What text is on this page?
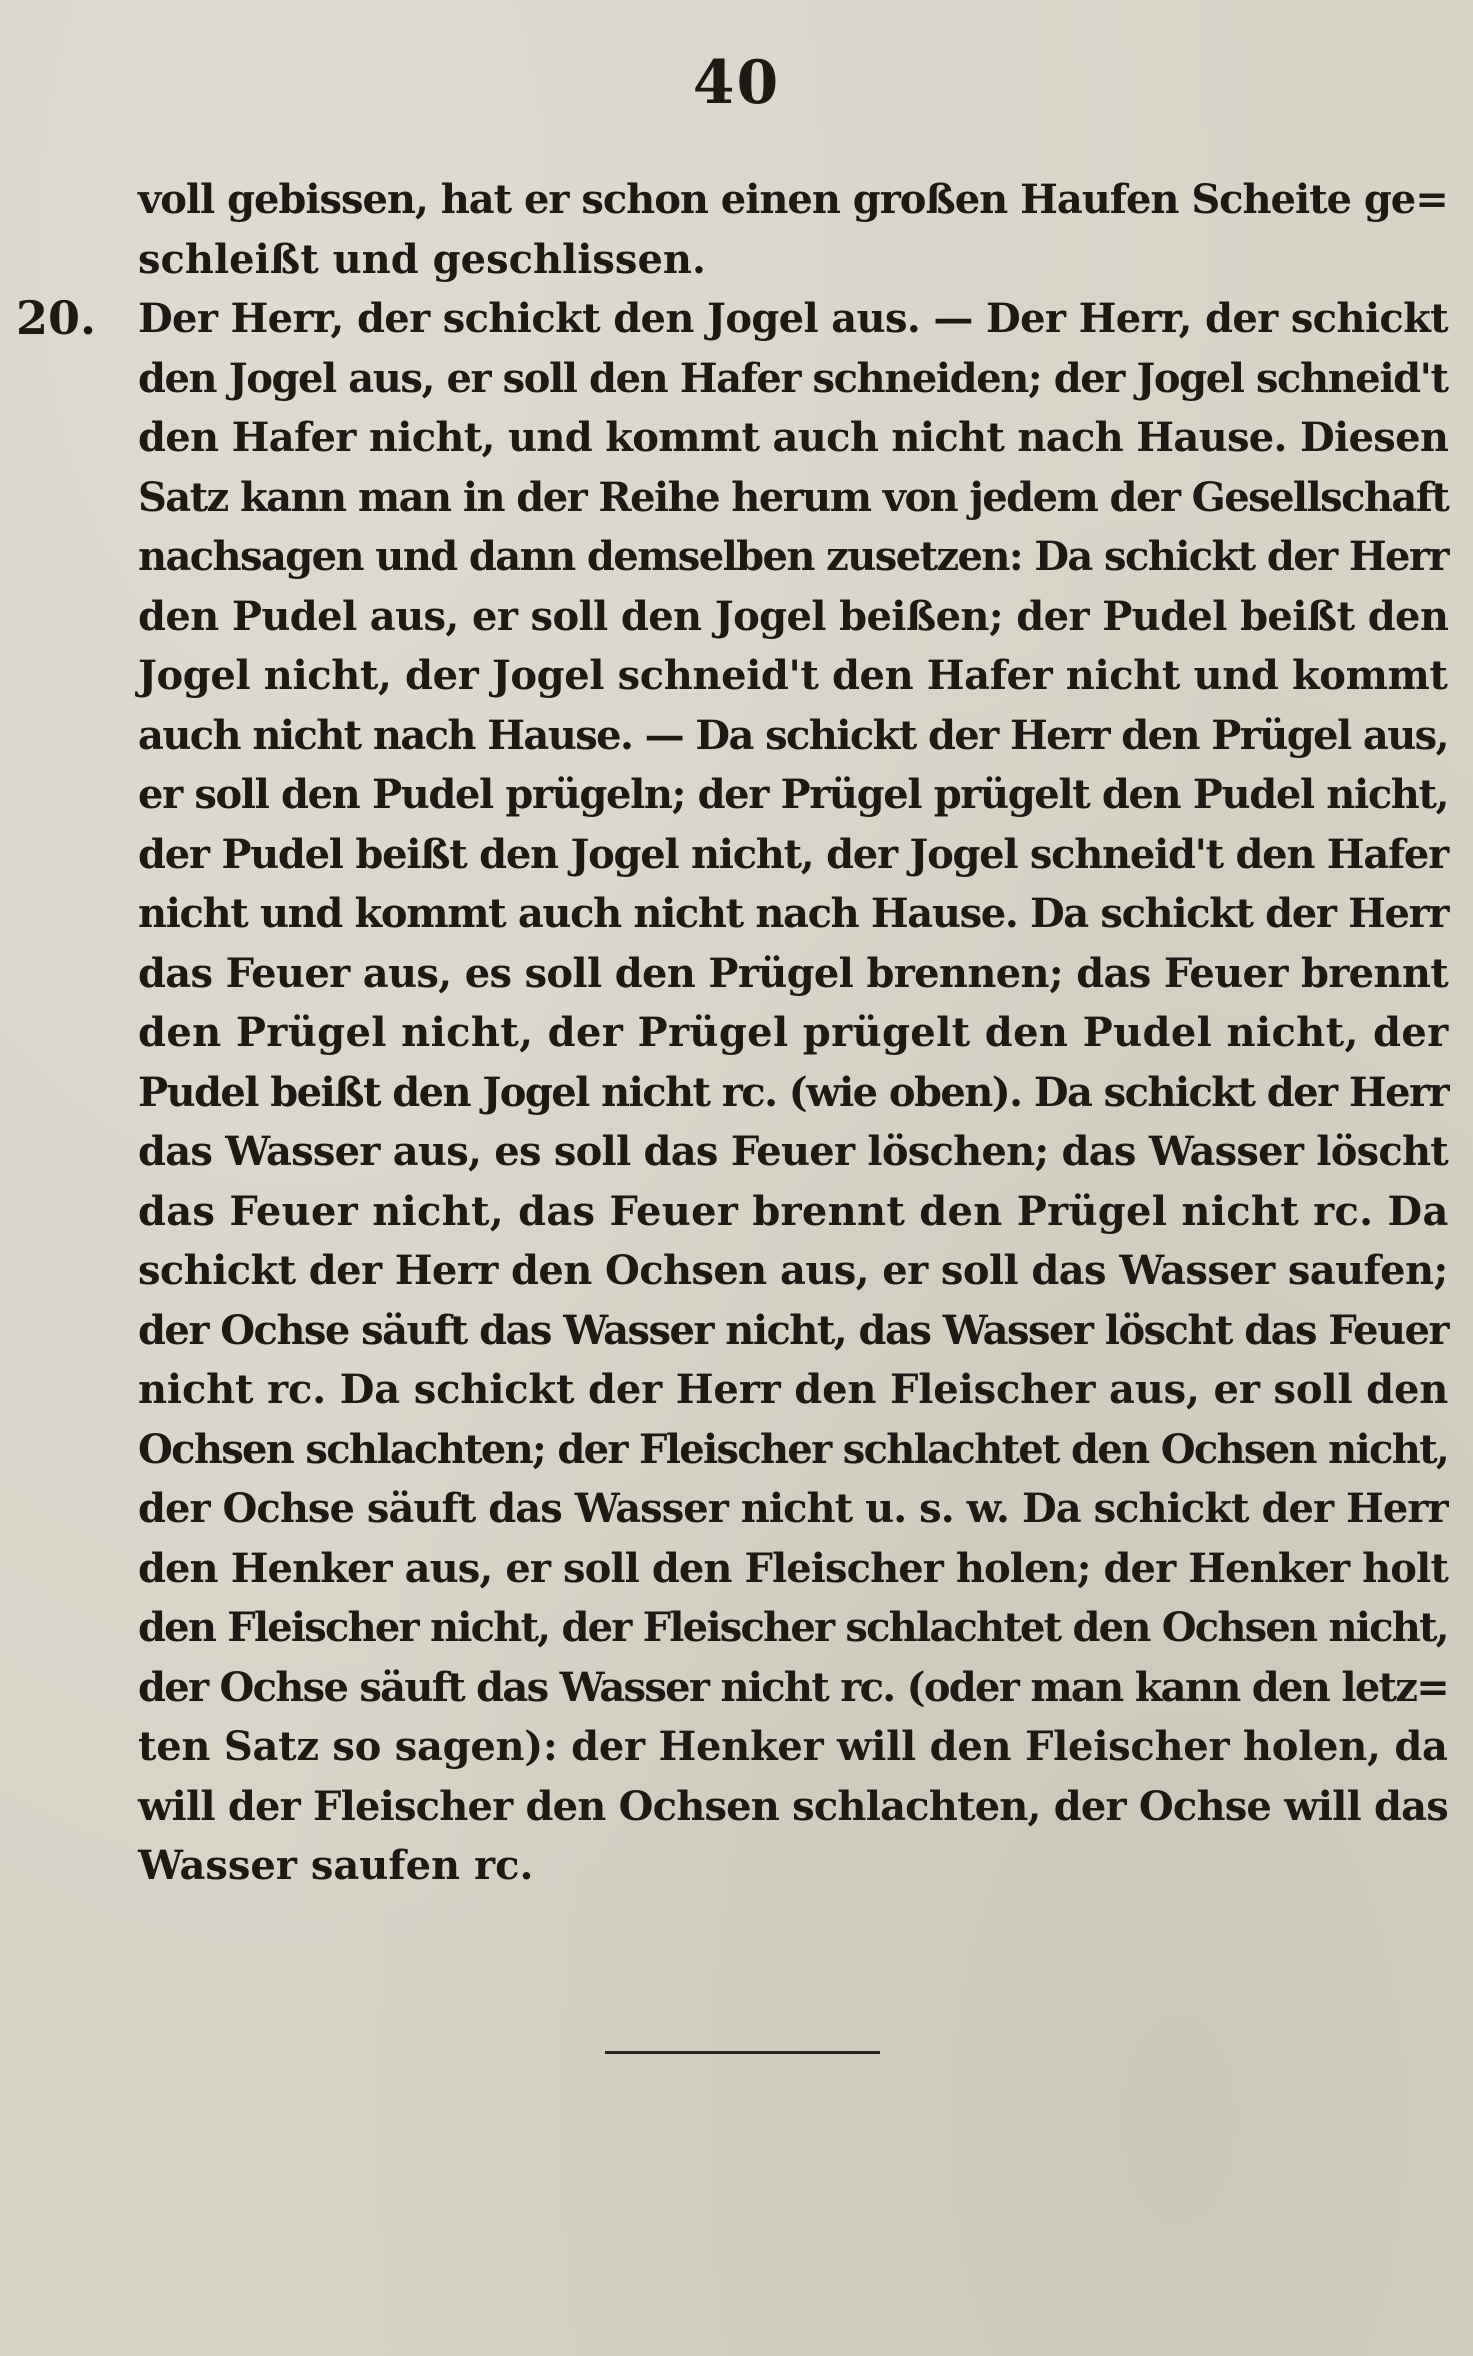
40
20.
voll gebissen, hat er schon einen großen Haufen Scheite ge=
schleißt und geschlissen.
Der Herr, der schickt den Jogel aus. — Der Herr, der schickt
den Jogel aus, er soll den Hafer schneiden; der Jogel schneid't
den Hafer nicht, und kommt auch nicht nach Hause. Diesen
Satz kann man in der Reihe herum von jedem der Gesellschaft
nachsagen und dann demselben zusetzen: Da schickt der Herr
den Pudel aus, er soll den Jogel beißen; der Pudel beißt den
Jogel nicht, der Jogel schneid't den Hafer nicht und kommt
auch nicht nach Hause. — Da schickt der Herr den Prügel aus,
er soll den Pudel prügeln; der Prügel prügelt den Pudel nicht,
der Pudel beißt den Jogel nicht, der Jogel schneid't den Hafer
nicht und kommt auch nicht nach Hause. Da schickt der Herr
das Feuer aus, es soll den Prügel brennen; das Feuer brennt
den Prügel nicht, der Prügel prügelt den Pudel nicht, der
Pudel beißt den Jogel nicht rc. (wie oben). Da schickt der Herr
das Wasser aus, es soll das Feuer löschen; das Wasser löscht
das Feuer nicht, das Feuer brennt den Prügel nicht rc. Da
schickt der Herr den Ochsen aus, er soll das Wasser saufen;
der Ochse säuft das Wasser nicht, das Wasser löscht das Feuer
nicht rc. Da schickt der Herr den Fleischer aus, er soll den
Ochsen schlachten; der Fleischer schlachtet den Ochsen nicht,
der Ochse säuft das Wasser nicht u. s. w. Da schickt der Herr
den Henker aus, er soll den Fleischer holen; der Henker holt
den Fleischer nicht, der Fleischer schlachtet den Ochsen nicht,
der Ochse säuft das Wasser nicht rc. (oder man kann den letz=
ten Satz so sagen): der Henker will den Fleischer holen, da
will der Fleischer den Ochsen schlachten, der Ochse will das
Wasser saufen rc.
